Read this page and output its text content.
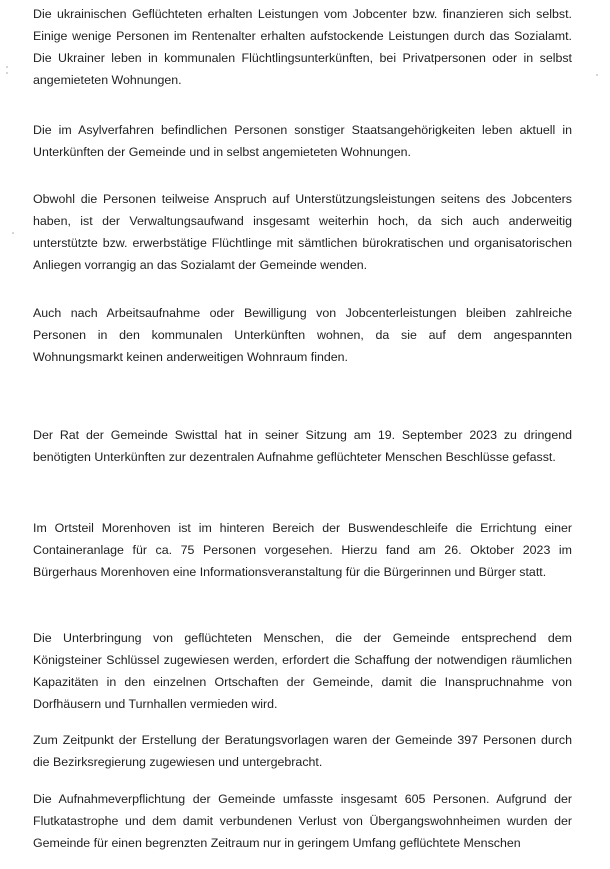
Die ukrainischen Geflüchteten erhalten Leistungen vom Jobcenter bzw. finanzieren sich selbst. Einige wenige Personen im Rentenalter erhalten aufstockende Leistungen durch das Sozialamt. Die Ukrainer leben in kommunalen Flüchtlingsunterkünften, bei Privatpersonen oder in selbst angemieteten Wohnungen.

Die im Asylverfahren befindlichen Personen sonstiger Staatsangehörigkeiten leben aktuell in Unterkünften der Gemeinde und in selbst angemieteten Wohnungen.

Obwohl die Personen teilweise Anspruch auf Unterstützungsleistungen seitens des Jobcenters haben, ist der Verwaltungsaufwand insgesamt weiterhin hoch, da sich auch anderweitig unterstützte bzw. erwerbstätige Flüchtlinge mit sämtlichen bürokratischen und organisatorischen Anliegen vorrangig an das Sozialamt der Gemeinde wenden.

Auch nach Arbeitsaufnahme oder Bewilligung von Jobcenterleistungen bleiben zahlreiche Personen in den kommunalen Unterkünften wohnen, da sie auf dem angespannten Wohnungsmarkt keinen anderweitigen Wohnraum finden.

Der Rat der Gemeinde Swisttal hat in seiner Sitzung am 19. September 2023 zu dringend benötigten Unterkünften zur dezentralen Aufnahme geflüchteter Menschen Beschlüsse gefasst.

Im Ortsteil Morenhoven ist im hinteren Bereich der Buswendeschleife die Errichtung einer Containeranlage für ca. 75 Personen vorgesehen. Hierzu fand am 26. Oktober 2023 im Bürgerhaus Morenhoven eine Informationsveranstaltung für die Bürgerinnen und Bürger statt.

Die Unterbringung von geflüchteten Menschen, die der Gemeinde entsprechend dem Königsteiner Schlüssel zugewiesen werden, erfordert die Schaffung der notwendigen räumlichen Kapazitäten in den einzelnen Ortschaften der Gemeinde, damit die Inanspruchnahme von Dorfhäusern und Turnhallen vermieden wird.

Zum Zeitpunkt der Erstellung der Beratungsvorlagen waren der Gemeinde 397 Personen durch die Bezirksregierung zugewiesen und untergebracht.

Die Aufnahmeverpflichtung der Gemeinde umfasste insgesamt 605 Personen. Aufgrund der Flutkatastrophe und dem damit verbundenen Verlust von Übergangswohnheimen wurden der Gemeinde für einen begrenzten Zeitraum nur in geringem Umfang geflüchtete Menschen
